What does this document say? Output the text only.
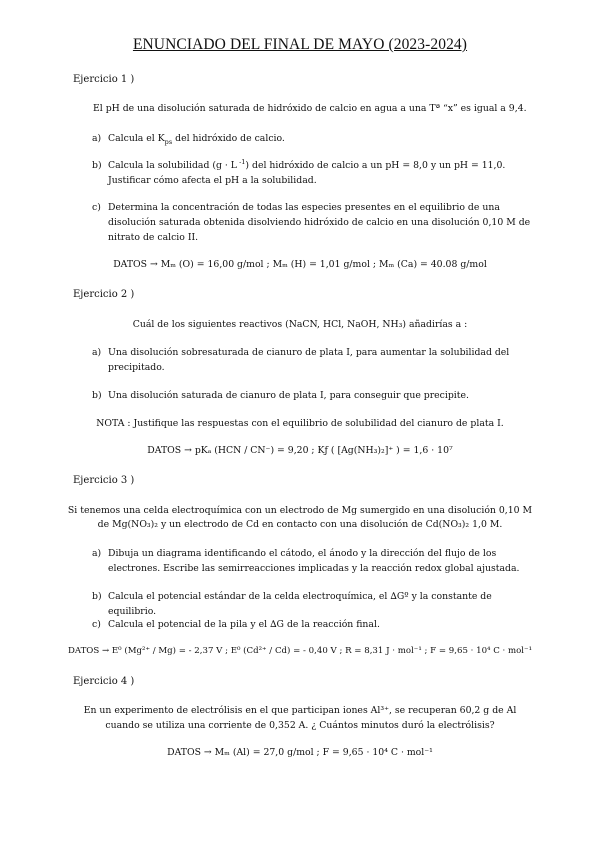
ENUNCIADO DEL FINAL DE MAYO (2023-2024)
Ejercicio 1 )
El pH de una disolución saturada de hidróxido de calcio en agua a una Tª “x” es igual a 9,4.
a) Calcula el $K_{ps}$ del hidróxido de calcio.
b) Calcula la solubilidad (g · L $^{-1}$) del hidróxido de calcio a un pH = 8,0 y un pH = 11,0. Justificar cómo afecta el pH a la solubilidad.
c) Determina la concentración de todas las especies presentes en el equilibrio de una disolución saturada obtenida disolviendo hidróxido de calcio en una disolución 0,10 M de nitrato de calcio II.
DATOS → Mₘ (O) = 16,00 g/mol ; Mₘ (H) = 1,01 g/mol ; Mₘ (Ca) = 40.08 g/mol
Ejercicio 2 )
Cuál de los siguientes reactivos (NaCN, HCl, NaOH, NH₃) añadirías a :
a) Una disolución sobresaturada de cianuro de plata I, para aumentar la solubilidad del precipitado.
b) Una disolución saturada de cianuro de plata I, para conseguir que precipite.
NOTA : Justifique las respuestas con el equilibrio de solubilidad del cianuro de plata I.
DATOS → pKₐ (HCN / CN⁻) = 9,20 ; Kƒ ( [Ag(NH₃)₂]⁺ ) = 1,6 · 10⁷
Ejercicio 3 )
Si tenemos una celda electroquímica con un electrodo de Mg sumergido en una disolución 0,10 M
de Mg(NO₃)₂ y un electrodo de Cd en contacto con una disolución de Cd(NO₃)₂ 1,0 M.
a) Dibuja un diagrama identificando el cátodo, el ánodo y la dirección del flujo de los electrones. Escribe las semirreacciones implicadas y la reacción redox global ajustada.
b) Calcula el potencial estándar de la celda electroquímica, el ∆Gº y la constante de equilibrio.
c) Calcula el potencial de la pila y el ∆G de la reacción final.
DATOS → E⁰ (Mg²⁺ / Mg) = - 2,37 V ; E⁰ (Cd²⁺ / Cd) = - 0,40 V ; R = 8,31 J · mol⁻¹ ; F = 9,65 · 10⁴ C · mol⁻¹
Ejercicio 4 )
En un experimento de electrólisis en el que participan iones Al³⁺, se recuperan 60,2 g de Al
cuando se utiliza una corriente de 0,352 A. ¿ Cuántos minutos duró la electrólisis?
DATOS → Mₘ (Al) = 27,0 g/mol ; F = 9,65 · 10⁴ C · mol⁻¹
